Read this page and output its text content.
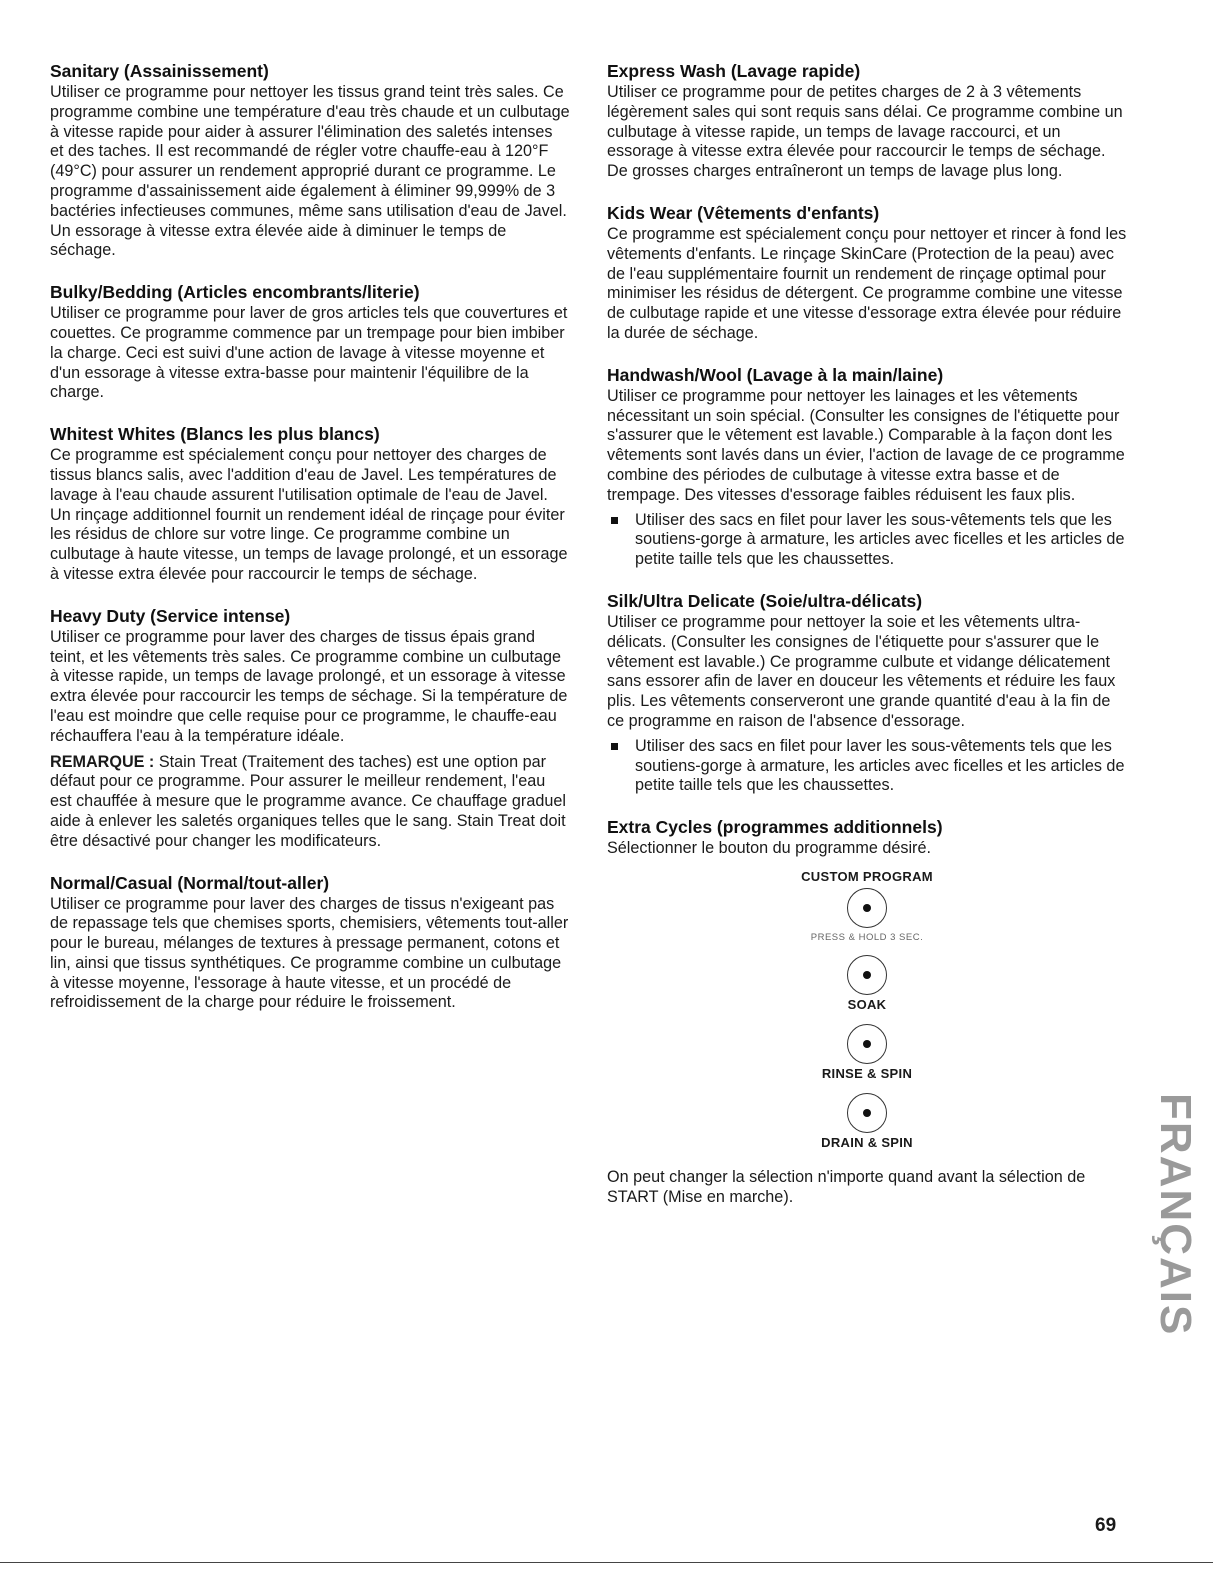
Sanitary (Assainissement)

Utiliser ce programme pour nettoyer les tissus grand teint très sales. Ce programme combine une température d'eau très chaude et un culbutage à vitesse rapide pour aider à assurer l'élimination des saletés intenses et des taches. Il est recommandé de régler votre chauffe-eau à 120°F (49°C) pour assurer un rendement approprié durant ce programme. Le programme d'assainissement aide également à éliminer 99,999% de 3 bactéries infectieuses communes, même sans utilisation d'eau de Javel. Un essorage à vitesse extra élevée aide à diminuer le temps de séchage.

Bulky/Bedding (Articles encombrants/literie)

Utiliser ce programme pour laver de gros articles tels que couvertures et couettes. Ce programme commence par un trempage pour bien imbiber la charge. Ceci est suivi d'une action de lavage à vitesse moyenne et d'un essorage à vitesse extra-basse pour maintenir l'équilibre de la charge.

Whitest Whites (Blancs les plus blancs)

Ce programme est spécialement conçu pour nettoyer des charges de tissus blancs salis, avec l'addition d'eau de Javel. Les températures de lavage à l'eau chaude assurent l'utilisation optimale de l'eau de Javel. Un rinçage additionnel fournit un rendement idéal de rinçage pour éviter les résidus de chlore sur votre linge. Ce programme combine un culbutage à haute vitesse, un temps de lavage prolongé, et un essorage à vitesse extra élevée pour raccourcir le temps de séchage.

Heavy Duty (Service intense)

Utiliser ce programme pour laver des charges de tissus épais grand teint, et les vêtements très sales. Ce programme combine un culbutage à vitesse rapide, un temps de lavage prolongé, et un essorage à vitesse extra élevée pour raccourcir les temps de séchage. Si la température de l'eau est moindre que celle requise pour ce programme, le chauffe-eau réchauffera l'eau à la température idéale.

REMARQUE : Stain Treat (Traitement des taches) est une option par défaut pour ce programme. Pour assurer le meilleur rendement, l'eau est chauffée à mesure que le programme avance. Ce chauffage graduel aide à enlever les saletés organiques telles que le sang. Stain Treat doit être désactivé pour changer les modificateurs.

Normal/Casual (Normal/tout-aller)

Utiliser ce programme pour laver des charges de tissus n'exigeant pas de repassage tels que chemises sports, chemisiers, vêtements tout-aller pour le bureau, mélanges de textures à pressage permanent, cotons et lin, ainsi que tissus synthétiques. Ce programme combine un culbutage à vitesse moyenne, l'essorage à haute vitesse, et un procédé de refroidissement de la charge pour réduire le froissement.

Express Wash (Lavage rapide)

Utiliser ce programme pour de petites charges de 2 à 3 vêtements légèrement sales qui sont requis sans délai. Ce programme combine un culbutage à vitesse rapide, un temps de lavage raccourci, et un essorage à vitesse extra élevée pour raccourcir le temps de séchage. De grosses charges entraîneront un temps de lavage plus long.

Kids Wear (Vêtements d'enfants)

Ce programme est spécialement conçu pour nettoyer et rincer à fond les vêtements d'enfants. Le rinçage SkinCare (Protection de la peau) avec de l'eau supplémentaire fournit un rendement de rinçage optimal pour minimiser les résidus de détergent. Ce programme combine une vitesse de culbutage rapide et une vitesse d'essorage extra élevée pour réduire la durée de séchage.

Handwash/Wool (Lavage à la main/laine)

Utiliser ce programme pour nettoyer les lainages et les vêtements nécessitant un soin spécial. (Consulter les consignes de l'étiquette pour s'assurer que le vêtement est lavable.) Comparable à la façon dont les vêtements sont lavés dans un évier, l'action de lavage de ce programme combine des périodes de culbutage à vitesse extra basse et de trempage. Des vitesses d'essorage faibles réduisent les faux plis.

Utiliser des sacs en filet pour laver les sous-vêtements tels que les soutiens-gorge à armature, les articles avec ficelles et les articles de petite taille tels que les chaussettes.
Silk/Ultra Delicate (Soie/ultra-délicats)

Utiliser ce programme pour nettoyer la soie et les vêtements ultra-délicats. (Consulter les consignes de l'étiquette pour s'assurer que le vêtement est lavable.) Ce programme culbute et vidange délicatement sans essorer afin de laver en douceur les vêtements et réduire les faux plis. Les vêtements conserveront une grande quantité d'eau à la fin de ce programme en raison de l'absence d'essorage.

Utiliser des sacs en filet pour laver les sous-vêtements tels que les soutiens-gorge à armature, les articles avec ficelles et les articles de petite taille tels que les chaussettes.
Extra Cycles (programmes additionnels)

Sélectionner le bouton du programme désiré.

CUSTOM PROGRAM
PRESS & HOLD 3 SEC.
SOAK
RINSE & SPIN
DRAIN & SPIN

On peut changer la sélection n'importe quand avant la sélection de START (Mise en marche).	FRANÇAIS
69
